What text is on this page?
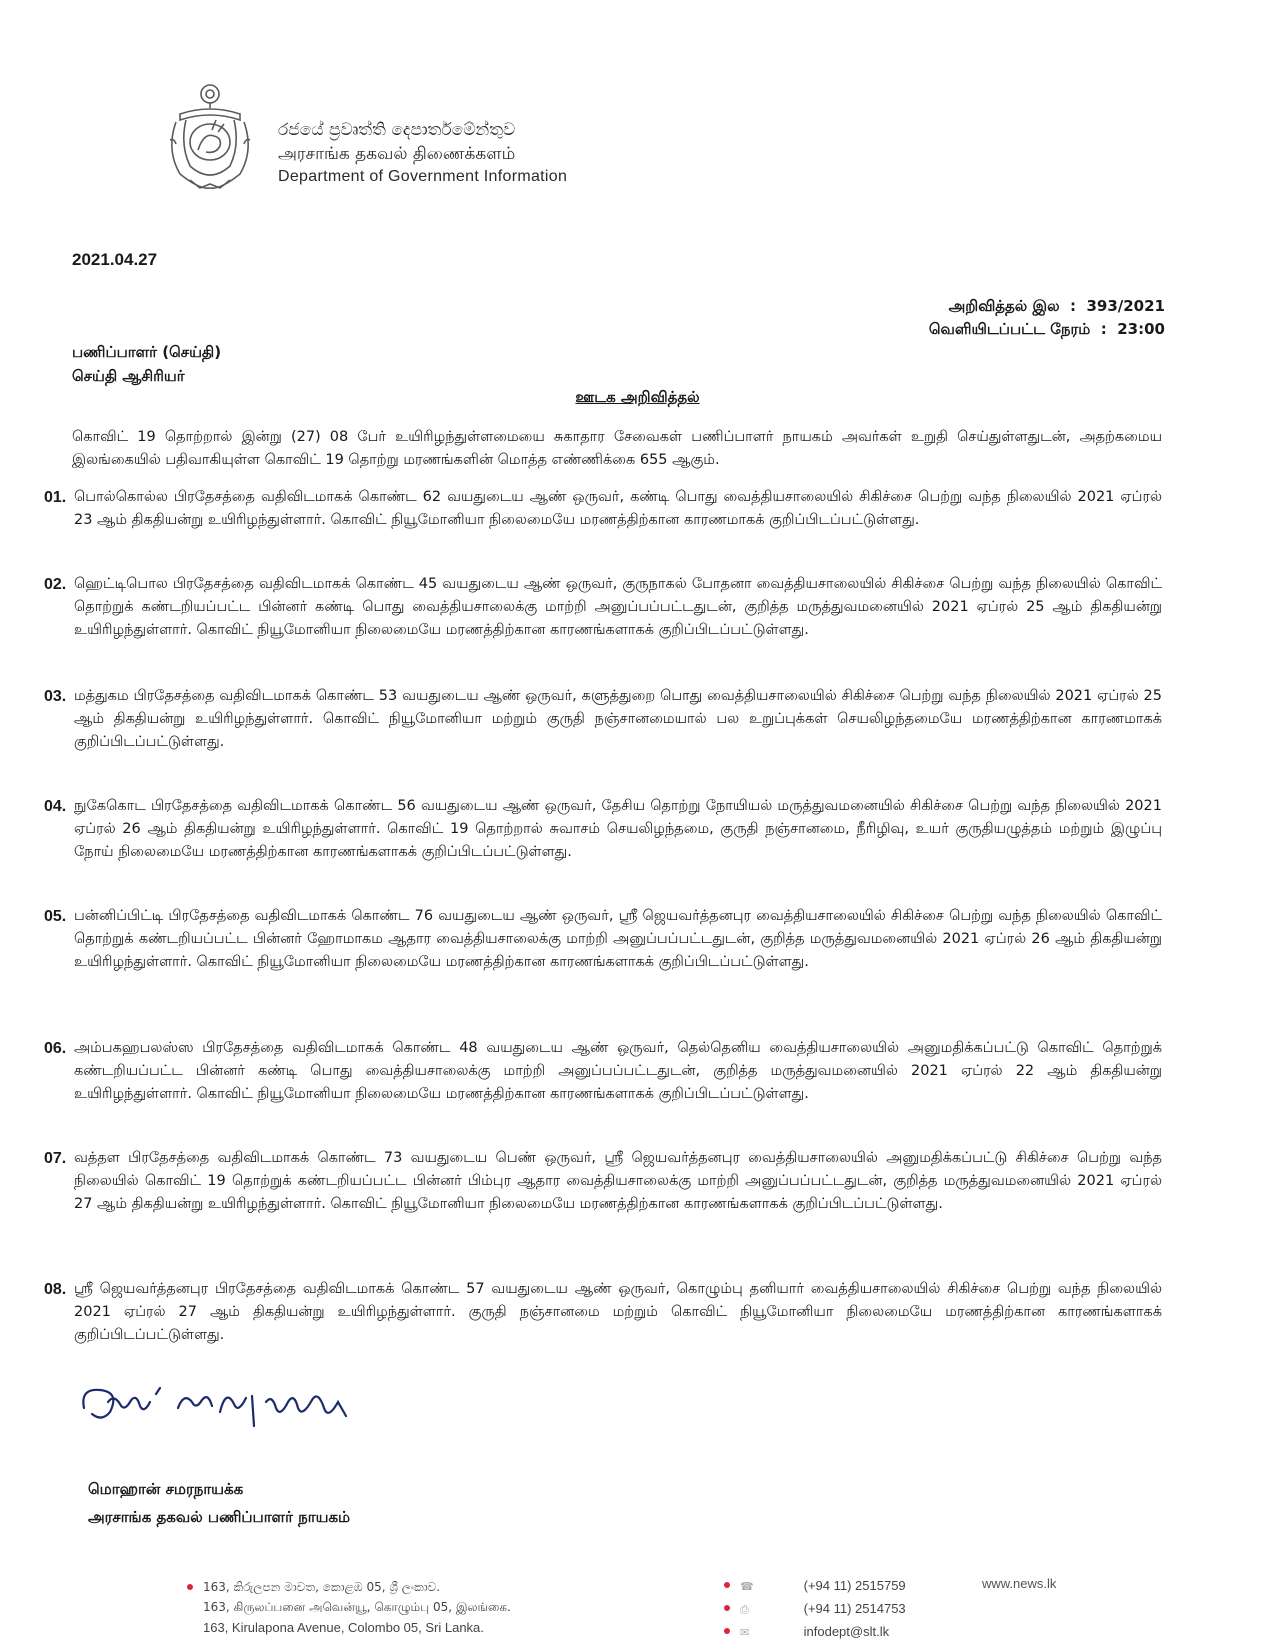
රජයේ ප්‍රවෘත්ති දෙපාර්තමේන්තුව
அரசாங்க தகவல் திணைக்களம்
Department of Government Information
2021.04.27
அறிவித்தல் இல  :  393/2021
வெளியிடப்பட்ட நேரம்  :  23:00
பணிப்பாளர் (செய்தி)
செய்தி ஆசிரியர்
ஊடக அறிவித்தல்
கொவிட் 19 தொற்றால் இன்று (27) 08 பேர் உயிரிழந்துள்ளமையை சுகாதார சேவைகள் பணிப்பாளர் நாயகம் அவர்கள் உறுதி செய்துள்ளதுடன், அதற்கமைய இலங்கையில் பதிவாகியுள்ள கொவிட் 19 தொற்று மரணங்களின் மொத்த எண்ணிக்கை 655 ஆகும்.
01. பொல்கொல்ல பிரதேசத்தை வதிவிடமாகக் கொண்ட 62 வயதுடைய ஆண் ஒருவர், கண்டி பொது வைத்தியசாலையில் சிகிச்சை பெற்று வந்த நிலையில் 2021 ஏப்ரல் 23 ஆம் திகதியன்று உயிரிழந்துள்ளார். கொவிட் நியூமோனியா நிலைமையே மரணத்திற்கான காரணமாகக் குறிப்பிடப்பட்டுள்ளது.
02. ஹெட்டிபொல பிரதேசத்தை வதிவிடமாகக் கொண்ட 45 வயதுடைய ஆண் ஒருவர், குருநாகல் போதனா வைத்தியசாலையில் சிகிச்சை பெற்று வந்த நிலையில் கொவிட் தொற்றுக் கண்டறியப்பட்ட பின்னர் கண்டி பொது வைத்தியசாலைக்கு மாற்றி அனுப்பப்பட்டதுடன், குறித்த மருத்துவமனையில் 2021 ஏப்ரல் 25 ஆம் திகதியன்று உயிரிழந்துள்ளார். கொவிட் நியூமோனியா நிலைமையே மரணத்திற்கான காரணங்களாகக் குறிப்பிடப்பட்டுள்ளது.
03. மத்துகம பிரதேசத்தை வதிவிடமாகக் கொண்ட 53 வயதுடைய ஆண் ஒருவர், களுத்துறை பொது வைத்தியசாலையில் சிகிச்சை பெற்று வந்த நிலையில் 2021 ஏப்ரல் 25 ஆம் திகதியன்று உயிரிழந்துள்ளார். கொவிட் நியூமோனியா மற்றும் குருதி நஞ்சானமையால் பல உறுப்புக்கள் செயலிழந்தமையே மரணத்திற்கான காரணமாகக் குறிப்பிடப்பட்டுள்ளது.
04. நுகேகொட பிரதேசத்தை வதிவிடமாகக் கொண்ட 56 வயதுடைய ஆண் ஒருவர், தேசிய தொற்று நோயியல் மருத்துவமனையில் சிகிச்சை பெற்று வந்த நிலையில் 2021 ஏப்ரல் 26 ஆம் திகதியன்று உயிரிழந்துள்ளார். கொவிட் 19 தொற்றால் சுவாசம் செயலிழந்தமை, குருதி நஞ்சானமை, நீரிழிவு, உயர் குருதியழுத்தம் மற்றும் இழுப்பு நோய் நிலைமையே மரணத்திற்கான காரணங்களாகக் குறிப்பிடப்பட்டுள்ளது.
05. பன்னிப்பிட்டி பிரதேசத்தை வதிவிடமாகக் கொண்ட 76 வயதுடைய ஆண் ஒருவர், ஸ்ரீ ஜெயவர்த்தனபுர வைத்தியசாலையில் சிகிச்சை பெற்று வந்த நிலையில் கொவிட் தொற்றுக் கண்டறியப்பட்ட பின்னர் ஹோமாகம ஆதார வைத்தியசாலைக்கு மாற்றி அனுப்பப்பட்டதுடன், குறித்த மருத்துவமனையில் 2021 ஏப்ரல் 26 ஆம் திகதியன்று உயிரிழந்துள்ளார். கொவிட் நியூமோனியா நிலைமையே மரணத்திற்கான காரணங்களாகக் குறிப்பிடப்பட்டுள்ளது.
06. அம்பகஹபலஸ்ஸ பிரதேசத்தை வதிவிடமாகக் கொண்ட 48 வயதுடைய ஆண் ஒருவர், தெல்தெனிய வைத்தியசாலையில் அனுமதிக்கப்பட்டு கொவிட் தொற்றுக் கண்டறியப்பட்ட பின்னர் கண்டி பொது வைத்தியசாலைக்கு மாற்றி அனுப்பப்பட்டதுடன், குறித்த மருத்துவமனையில் 2021 ஏப்ரல் 22 ஆம் திகதியன்று உயிரிழந்துள்ளார். கொவிட் நியூமோனியா நிலைமையே மரணத்திற்கான காரணங்களாகக் குறிப்பிடப்பட்டுள்ளது.
07. வத்தள பிரதேசத்தை வதிவிடமாகக் கொண்ட 73 வயதுடைய பெண் ஒருவர், ஸ்ரீ ஜெயவர்த்தனபுர வைத்தியசாலையில் அனுமதிக்கப்பட்டு சிகிச்சை பெற்று வந்த நிலையில் கொவிட் 19 தொற்றுக் கண்டறியப்பட்ட பின்னர் பிம்புர ஆதார வைத்தியசாலைக்கு மாற்றி அனுப்பப்பட்டதுடன், குறித்த மருத்துவமனையில் 2021 ஏப்ரல் 27 ஆம் திகதியன்று உயிரிழந்துள்ளார். கொவிட் நியூமோனியா நிலைமையே மரணத்திற்கான காரணங்களாகக் குறிப்பிடப்பட்டுள்ளது.
08. ஸ்ரீ ஜெயவர்த்தனபுர பிரதேசத்தை வதிவிடமாகக் கொண்ட 57 வயதுடைய ஆண் ஒருவர், கொழும்பு தனியார் வைத்தியசாலையில் சிகிச்சை பெற்று வந்த நிலையில் 2021 ஏப்ரல் 27 ஆம் திகதியன்று உயிரிழந்துள்ளார். குருதி நஞ்சானமை மற்றும் கொவிட் நியூமோனியா நிலைமையே மரணத்திற்கான காரணங்களாகக் குறிப்பிடப்பட்டுள்ளது.
மொஹான் சமரநாயக்க
அரசாங்க தகவல் பணிப்பாளர் நாயகம்
163, කිරුලපන මාවත, කොළඹ 05, ශ්‍රී ලංකාව.
163, கிருலப்பனை அவென்யூ, கொழும்பு 05, இலங்கை.
163, Kirulapona Avenue, Colombo 05, Sri Lanka.
☎	(+94 11) 2515759
⎙	(+94 11) 2514753
✉	infodept@slt.lk
www.news.lk
